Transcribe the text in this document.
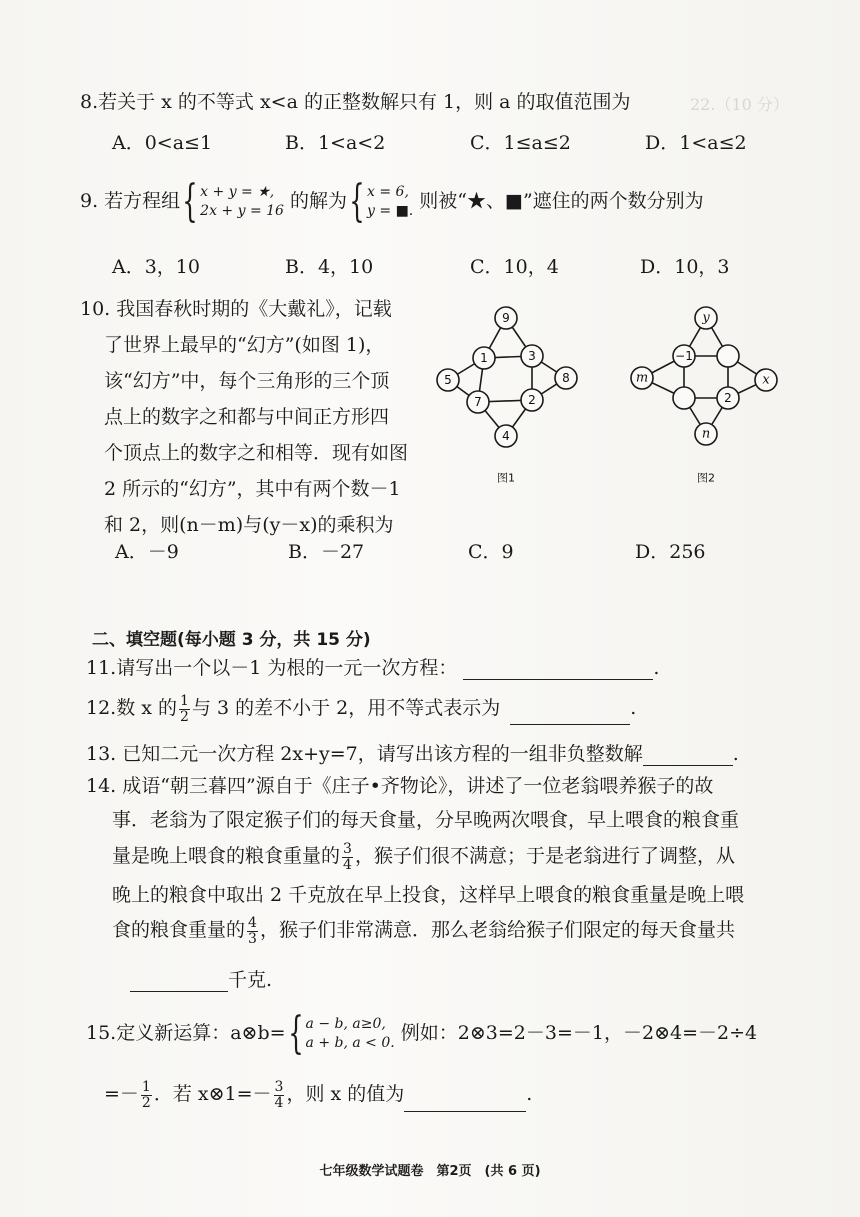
22.（10 分）
8.若关于 x 的不等式 x<a 的正整数解只有 1，则 a 的取值范围为
A．0<a≤1	B．1<a<2	C．1≤a≤2	D．1<a≤2
9. 若方程组{ x + y = ★,
2x + y = 16 的解为{ x = 6,
y = ■. 则被“★、■”遮住的两个数分别为
A．3，10	B．4，10	C．10，4	D．10，3
10. 我国春秋时期的《大戴礼》，记载
了世界上最早的“幻方”(如图 1)，
该“幻方”中，每个三角形的三个顶
点上的数字之和都与中间正方形四
个顶点上的数字之和相等．现有如图
2 所示的“幻方”，其中有两个数－1
和 2，则(n－m)与(y－x)的乘积为
A．－9	B．－27	C．9	D．256
9
1	3
5	8
7	2
4
图1
y
−1
m	x
2
n
图2
二、填空题(每小题 3 分，共 15 分)
11.请写出一个以－1 为根的一元一次方程：	.
12.数 x 的 $\frac{1}{2}$ 与 3 的差不小于 2，用不等式表示为	.
13. 已知二元一次方程 2x+y=7，请写出该方程的一组非负整数解	.
14. 成语“朝三暮四”源自于《庄子•齐物论》，讲述了一位老翁喂养猴子的故
事．老翁为了限定猴子们的每天食量，分早晚两次喂食，早上喂食的粮食重
量是晚上喂食的粮食重量的 $\frac{3}{4}$ ，猴子们很不满意；于是老翁进行了调整，从
晚上的粮食中取出 2 千克放在早上投食，这样早上喂食的粮食重量是晚上喂
食的粮食重量的 $\frac{4}{3}$ ，猴子们非常满意．那么老翁给猴子们限定的每天食量共
千克.
15.定义新运算：a⊗b={ a − b, a≥0,
a + b, a < 0. 例如：2⊗3=2－3=－1，－2⊗4=－2÷4
=－ $\frac{1}{2}$ ．若 x⊗1=－ $\frac{3}{4}$ ，则 x 的值为	.
七年级数学试题卷　第2页　(共 6 页)
